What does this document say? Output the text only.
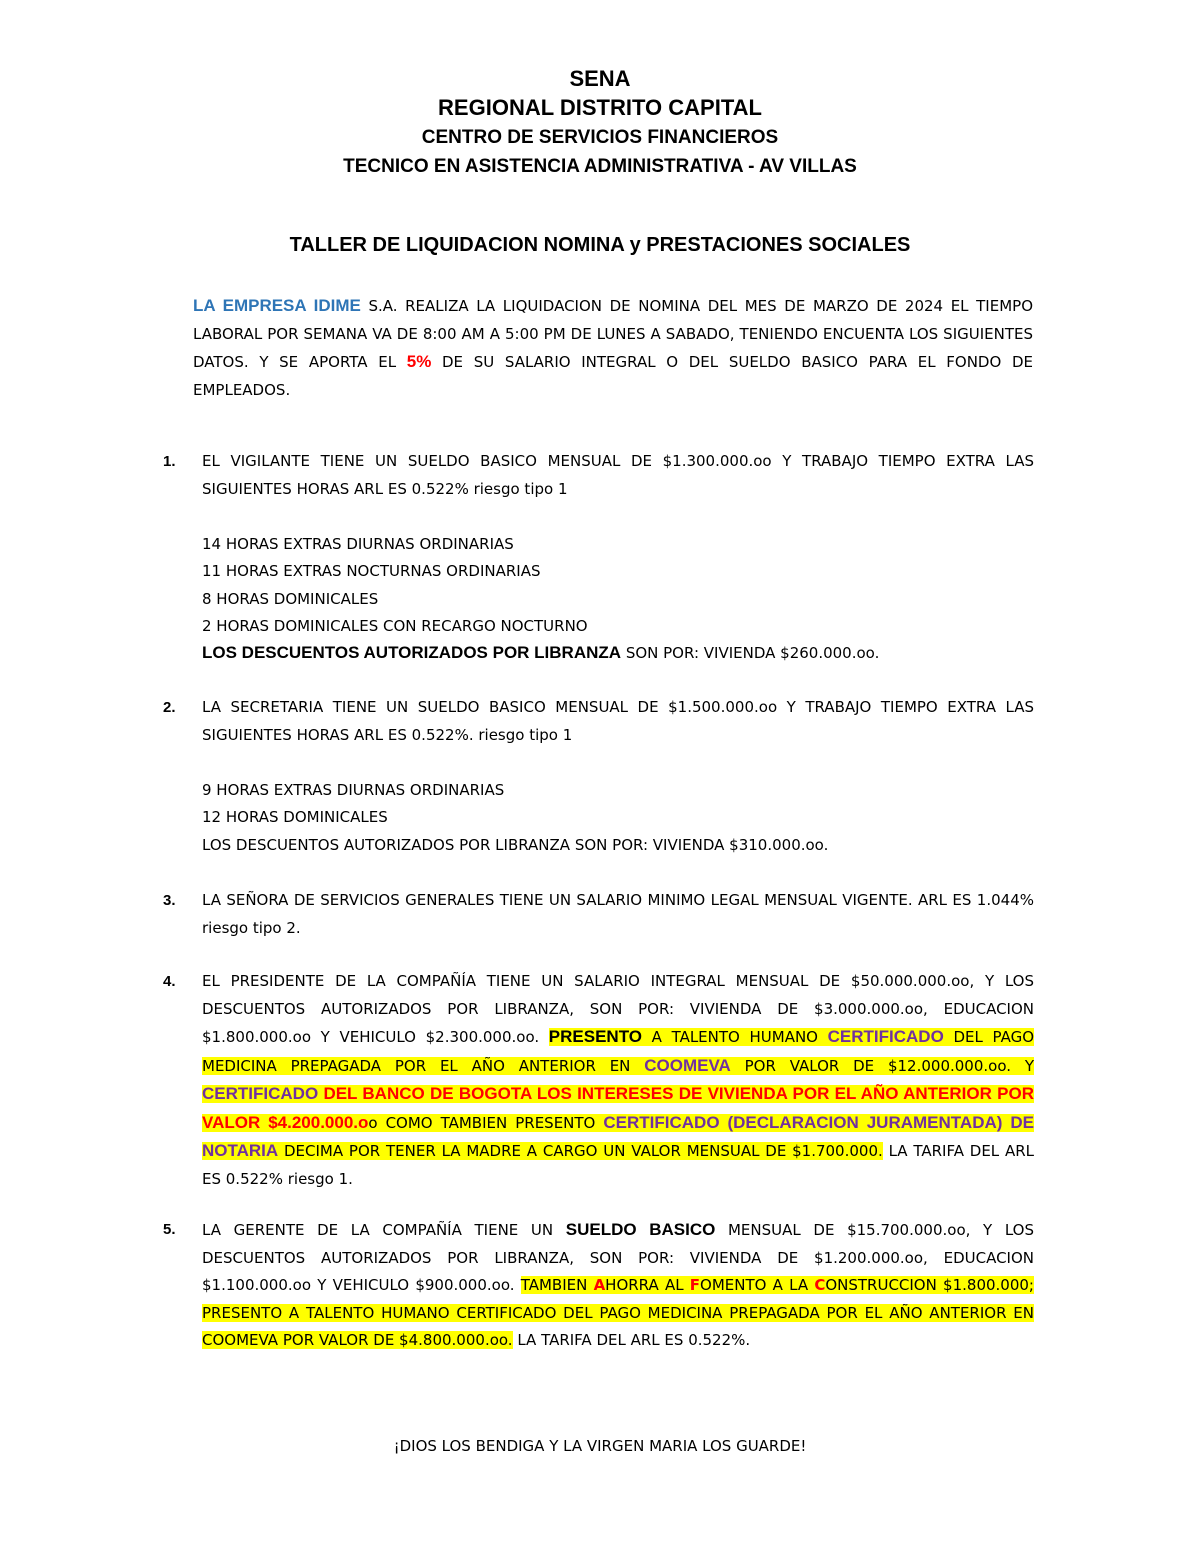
SENA

REGIONAL DISTRITO CAPITAL

CENTRO DE SERVICIOS FINANCIEROS

TECNICO EN ASISTENCIA ADMINISTRATIVA - AV VILLAS

TALLER DE LIQUIDACION NOMINA y PRESTACIONES SOCIALES

LA EMPRESA IDIME S.A. REALIZA LA LIQUIDACION DE NOMINA DEL MES DE MARZO DE 2024 EL TIEMPO LABORAL POR SEMANA VA DE 8:00 AM A 5:00 PM DE LUNES A SABADO, TENIENDO ENCUENTA LOS SIGUIENTES DATOS. Y SE APORTA EL 5% DE SU SALARIO INTEGRAL O DEL SUELDO BASICO PARA EL FONDO DE EMPLEADOS.

1. EL VIGILANTE TIENE UN SUELDO BASICO MENSUAL DE $1.300.000.oo Y TRABAJO TIEMPO EXTRA LAS SIGUIENTES HORAS ARL ES 0.522% riesgo tipo 1

14 HORAS EXTRAS DIURNAS ORDINARIAS

11 HORAS EXTRAS NOCTURNAS ORDINARIAS

8 HORAS DOMINICALES

2 HORAS DOMINICALES CON RECARGO NOCTURNO

LOS DESCUENTOS AUTORIZADOS POR LIBRANZA SON POR: VIVIENDA $260.000.oo.

2. LA SECRETARIA TIENE UN SUELDO BASICO MENSUAL DE $1.500.000.oo Y TRABAJO TIEMPO EXTRA LAS SIGUIENTES HORAS ARL ES 0.522%. riesgo tipo 1

9 HORAS EXTRAS DIURNAS ORDINARIAS

12 HORAS DOMINICALES

LOS DESCUENTOS AUTORIZADOS POR LIBRANZA SON POR: VIVIENDA $310.000.oo.

3. LA SEÑORA DE SERVICIOS GENERALES TIENE UN SALARIO MINIMO LEGAL MENSUAL VIGENTE. ARL ES 1.044% riesgo tipo 2.

4. EL PRESIDENTE DE LA COMPAÑÍA TIENE UN SALARIO INTEGRAL MENSUAL DE $50.000.000.oo, Y LOS DESCUENTOS AUTORIZADOS POR LIBRANZA, SON POR: VIVIENDA DE $3.000.000.oo, EDUCACION $1.800.000.oo Y VEHICULO $2.300.000.oo. PRESENTO A TALENTO HUMANO CERTIFICADO DEL PAGO MEDICINA PREPAGADA POR EL AÑO ANTERIOR EN COOMEVA POR VALOR DE $12.000.000.oo. Y CERTIFICADO DEL BANCO DE BOGOTA LOS INTERESES DE VIVIENDA POR EL AÑO ANTERIOR POR VALOR $4.200.000.oo COMO TAMBIEN PRESENTO CERTIFICADO (DECLARACION JURAMENTADA) DE NOTARIA DECIMA POR TENER LA MADRE A CARGO UN VALOR MENSUAL DE $1.700.000. LA TARIFA DEL ARL ES 0.522% riesgo 1.

5. LA GERENTE DE LA COMPAÑÍA TIENE UN SUELDO BASICO MENSUAL DE $15.700.000.oo, Y LOS DESCUENTOS AUTORIZADOS POR LIBRANZA, SON POR: VIVIENDA DE $1.200.000.oo, EDUCACION $1.100.000.oo Y VEHICULO $900.000.oo. TAMBIEN AHORRA AL FOMENTO A LA CONSTRUCCION $1.800.000; PRESENTO A TALENTO HUMANO CERTIFICADO DEL PAGO MEDICINA PREPAGADA POR EL AÑO ANTERIOR EN COOMEVA POR VALOR DE $4.800.000.oo. LA TARIFA DEL ARL ES 0.522%.

¡DIOS LOS BENDIGA Y LA VIRGEN MARIA LOS GUARDE!
